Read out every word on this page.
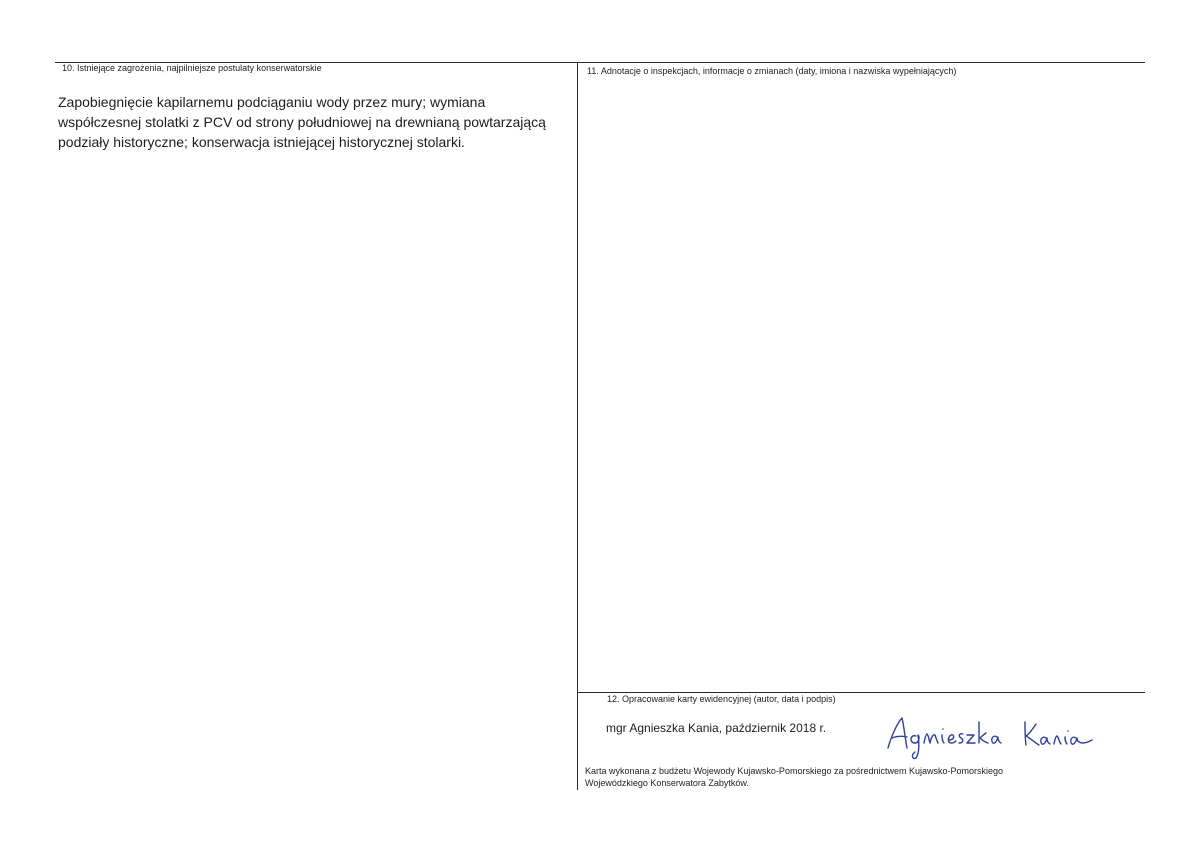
10. Istniejące zagrożenia, najpilniejsze postulaty konserwatorskie
Zapobiegnięcie kapilarnemu podciąganiu wody przez mury; wymiana współczesnej stolatki z PCV od strony południowej na drewnianą powtarzającą podziały historyczne; konserwacja istniejącej historycznej stolarki.
11. Adnotacje o inspekcjach, informacje o zmianach (daty, imiona i nazwiska wypełniających)
12. Opracowanie karty ewidencyjnej (autor, data i podpis)
mgr Agnieszka Kania, październik 2018 r.
Karta wykonana z budżetu Wojewody Kujawsko-Pomorskiego za pośrednictwem Kujawsko-Pomorskiego
Wojewódzkiego Konserwatora Zabytków.
